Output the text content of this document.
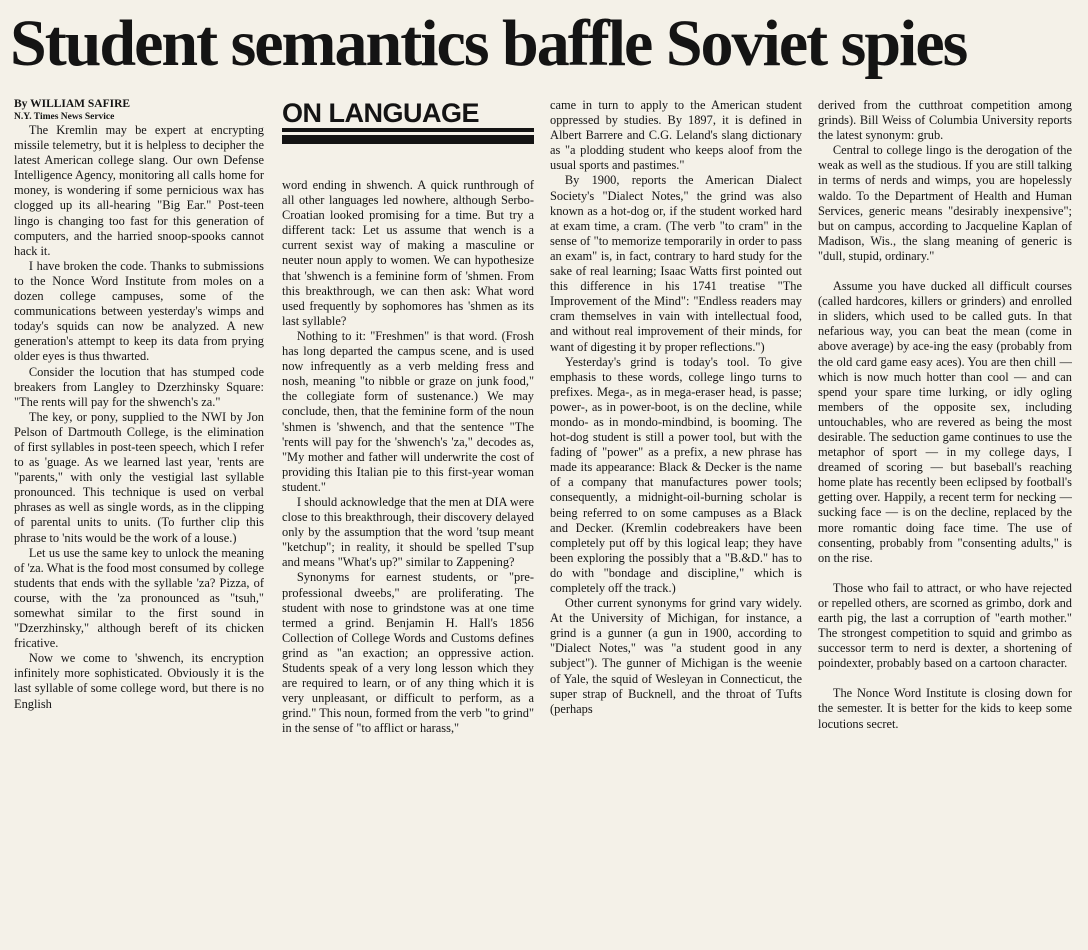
Student semantics baffle Soviet spies

By WILLIAM SAFIRE

N.Y. Times News Service

The Kremlin may be expert at encrypting missile telemetry, but it is helpless to decipher the latest American college slang. Our own Defense Intelligence Agency, monitoring all calls home for money, is wondering if some pernicious wax has clogged up its all-hearing "Big Ear." Post-teen lingo is changing too fast for this generation of computers, and the harried snoop-spooks cannot hack it.

I have broken the code. Thanks to submissions to the Nonce Word Institute from moles on a dozen college campuses, some of the communications between yesterday's wimps and today's squids can now be analyzed. A new generation's attempt to keep its data from prying older eyes is thus thwarted.

Consider the locution that has stumped code breakers from Langley to Dzerzhinsky Square: "The rents will pay for the shwench's za."

The key, or pony, supplied to the NWI by Jon Pelson of Dartmouth College, is the elimination of first syllables in post-teen speech, which I refer to as 'guage. As we learned last year, 'rents are "parents," with only the vestigial last syllable pronounced. This technique is used on verbal phrases as well as single words, as in the clipping of parental units to units. (To further clip this phrase to 'nits would be the work of a louse.)

Let us use the same key to unlock the meaning of 'za. What is the food most consumed by college students that ends with the syllable 'za? Pizza, of course, with the 'za pronounced as "tsuh," somewhat similar to the first sound in "Dzerzhinsky," although bereft of its chicken fricative.

Now we come to 'shwench, its encryption infinitely more sophisticated. Obviously it is the last syllable of some college word, but there is no English

ON LANGUAGE

word ending in shwench. A quick runthrough of all other languages led nowhere, although Serbo-Croatian looked promising for a time. But try a different tack: Let us assume that wench is a current sexist way of making a masculine or neuter noun apply to women. We can hypothesize that 'shwench is a feminine form of 'shmen. From this breakthrough, we can then ask: What word used frequently by sophomores has 'shmen as its last syllable?

Nothing to it: "Freshmen" is that word. (Frosh has long departed the campus scene, and is used now infrequently as a verb melding fress and nosh, meaning "to nibble or graze on junk food," the collegiate form of sustenance.) We may conclude, then, that the feminine form of the noun 'shmen is 'shwench, and that the sentence "The 'rents will pay for the 'shwench's 'za," decodes as, "My mother and father will underwrite the cost of providing this Italian pie to this first-year woman student."

I should acknowledge that the men at DIA were close to this breakthrough, their discovery delayed only by the assumption that the word 'tsup meant "ketchup"; in reality, it should be spelled T'sup and means "What's up?" similar to Zappening?

Synonyms for earnest students, or "pre-professional dweebs," are proliferating. The student with nose to grindstone was at one time termed a grind. Benjamin H. Hall's 1856 Collection of College Words and Customs defines grind as "an exaction; an oppressive action. Students speak of a very long lesson which they are required to learn, or of any thing which it is very unpleasant, or difficult to perform, as a grind." This noun, formed from the verb "to grind" in the sense of "to afflict or harass,"

came in turn to apply to the American student oppressed by studies. By 1897, it is defined in Albert Barrere and C.G. Leland's slang dictionary as "a plodding student who keeps aloof from the usual sports and pastimes."

By 1900, reports the American Dialect Society's "Dialect Notes," the grind was also known as a hot-dog or, if the student worked hard at exam time, a cram. (The verb "to cram" in the sense of "to memorize temporarily in order to pass an exam" is, in fact, contrary to hard study for the sake of real learning; Isaac Watts first pointed out this difference in his 1741 treatise "The Improvement of the Mind": "Endless readers may cram themselves in vain with intellectual food, and without real improvement of their minds, for want of digesting it by proper reflections.")

Yesterday's grind is today's tool. To give emphasis to these words, college lingo turns to prefixes. Mega-, as in mega-eraser head, is passe; power-, as in power-boot, is on the decline, while mondo- as in mondo-mindbind, is booming. The hot-dog student is still a power tool, but with the fading of "power" as a prefix, a new phrase has made its appearance: Black & Decker is the name of a company that manufactures power tools; consequently, a midnight-oil-burning scholar is being referred to on some campuses as a Black and Decker. (Kremlin codebreakers have been completely put off by this logical leap; they have been exploring the possibly that a "B.&D." has to do with "bondage and discipline," which is completely off the track.)

Other current synonyms for grind vary widely. At the University of Michigan, for instance, a grind is a gunner (a gun in 1900, according to "Dialect Notes," was "a student good in any subject"). The gunner of Michigan is the weenie of Yale, the squid of Wesleyan in Connecticut, the super strap of Bucknell, and the throat of Tufts (perhaps

derived from the cutthroat competition among grinds). Bill Weiss of Columbia University reports the latest synonym: grub.

Central to college lingo is the derogation of the weak as well as the studious. If you are still talking in terms of nerds and wimps, you are hopelessly waldo. To the Department of Health and Human Services, generic means "desirably inexpensive"; but on campus, according to Jacqueline Kaplan of Madison, Wis., the slang meaning of generic is "dull, stupid, ordinary."

Assume you have ducked all difficult courses (called hardcores, killers or grinders) and enrolled in sliders, which used to be called guts. In that nefarious way, you can beat the mean (come in above average) by ace-ing the easy (probably from the old card game easy aces). You are then chill — which is now much hotter than cool — and can spend your spare time lurking, or idly ogling members of the opposite sex, including untouchables, who are revered as being the most desirable. The seduction game continues to use the metaphor of sport — in my college days, I dreamed of scoring — but baseball's reaching home plate has recently been eclipsed by football's getting over. Happily, a recent term for necking — sucking face — is on the decline, replaced by the more romantic doing face time. The use of consenting, probably from "consenting adults," is on the rise.

Those who fail to attract, or who have rejected or repelled others, are scorned as grimbo, dork and earth pig, the last a corruption of "earth mother." The strongest competition to squid and grimbo as successor term to nerd is dexter, a shortening of poindexter, probably based on a cartoon character.

The Nonce Word Institute is closing down for the semester. It is better for the kids to keep some locutions secret.
